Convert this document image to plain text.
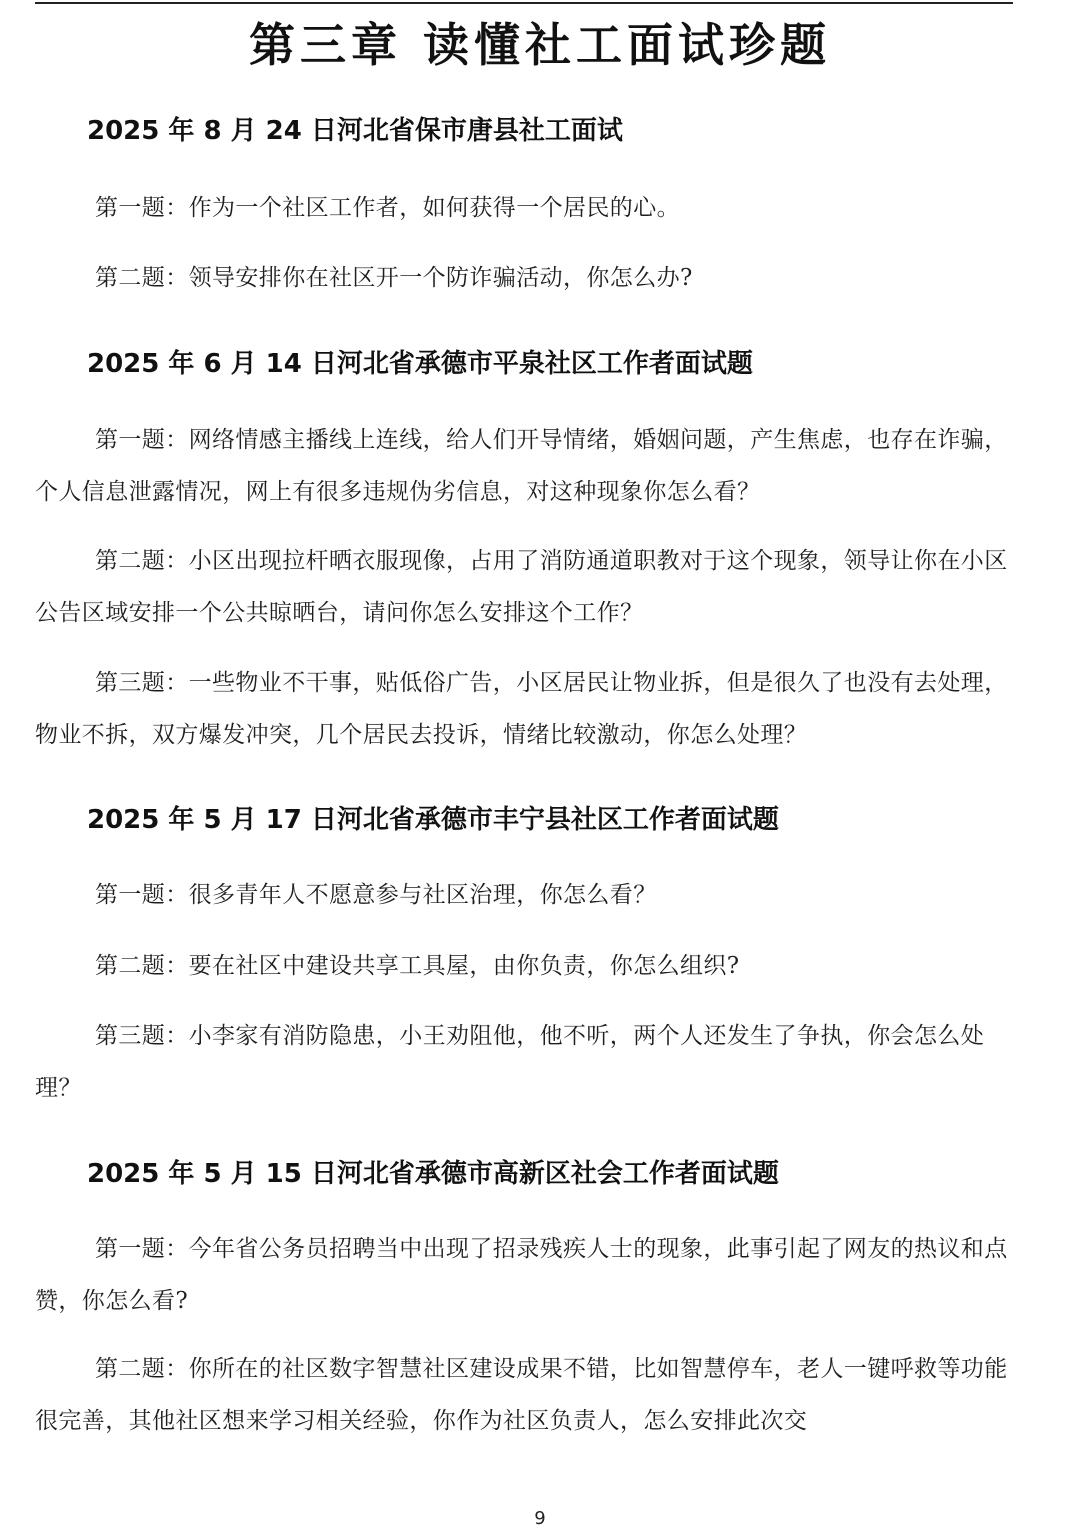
第三章 读懂社工面试珍题
2025 年 8 月 24 日河北省保市唐县社工面试

第一题：作为一个社区工作者，如何获得一个居民的心。

第二题：领导安排你在社区开一个防诈骗活动，你怎么办?

2025 年 6 月 14 日河北省承德市平泉社区工作者面试题

第一题：网络情感主播线上连线，给人们开导情绪，婚姻问题，产生焦虑，也存在诈骗，个人信息泄露情况，网上有很多违规伪劣信息，对这种现象你怎么看？

第二题：小区出现拉杆晒衣服现像，占用了消防通道职教对于这个现象，领导让你在小区公告区域安排一个公共晾晒台，请问你怎么安排这个工作？

第三题：一些物业不干事，贴低俗广告，小区居民让物业拆，但是很久了也没有去处理，物业不拆，双方爆发冲突，几个居民去投诉，情绪比较激动，你怎么处理？

2025 年 5 月 17 日河北省承德市丰宁县社区工作者面试题

第一题：很多青年人不愿意参与社区治理，你怎么看？

第二题：要在社区中建设共享工具屋，由你负责，你怎么组织?

第三题：小李家有消防隐患，小王劝阻他，他不听，两个人还发生了争执，你会怎么处理？

2025 年 5 月 15 日河北省承德市高新区社会工作者面试题

第一题：今年省公务员招聘当中出现了招录残疾人士的现象，此事引起了网友的热议和点赞，你怎么看?

第二题：你所在的社区数字智慧社区建设成果不错，比如智慧停车，老人一键呼救等功能很完善，其他社区想来学习相关经验，你作为社区负责人，怎么安排此次交

9
